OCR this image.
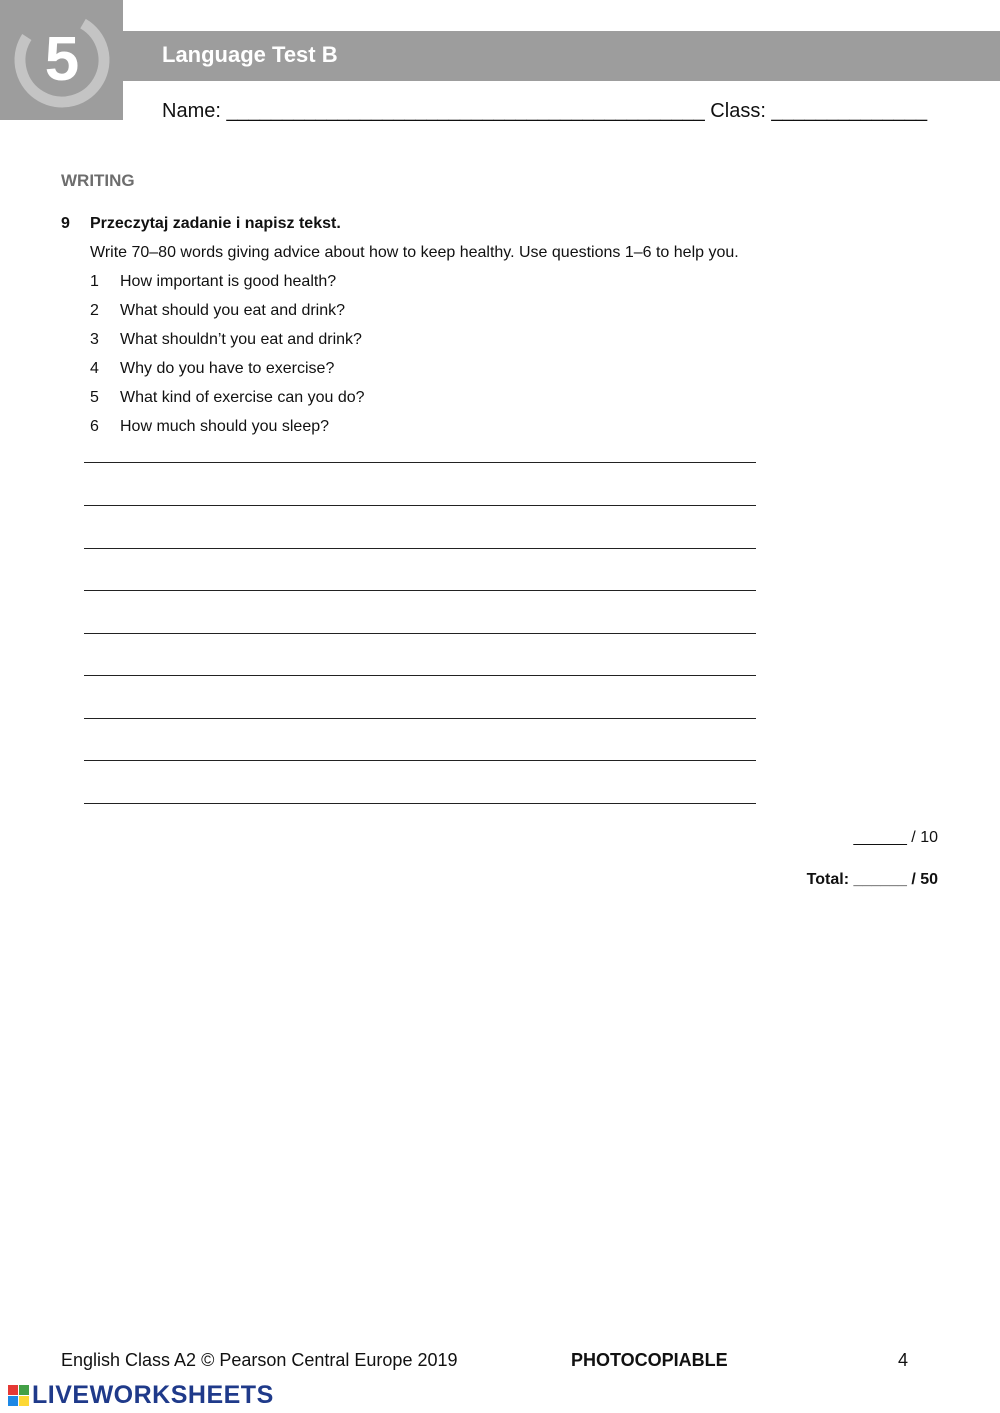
5	Language Test B
Name: ___________________________________________ Class: ______________
WRITING
9 Przeczytaj zadanie i napisz tekst.
Write 70–80 words giving advice about how to keep healthy. Use questions 1–6 to help you.
1 How important is good health?
2 What should you eat and drink?
3 What shouldn’t you eat and drink?
4 Why do you have to exercise?
5 What kind of exercise can you do?
6 How much should you sleep?
______ / 10
Total: ______ / 50
English Class A2 © Pearson Central Europe 2019	PHOTOCOPIABLE	4
LIVEWORKSHEETS
